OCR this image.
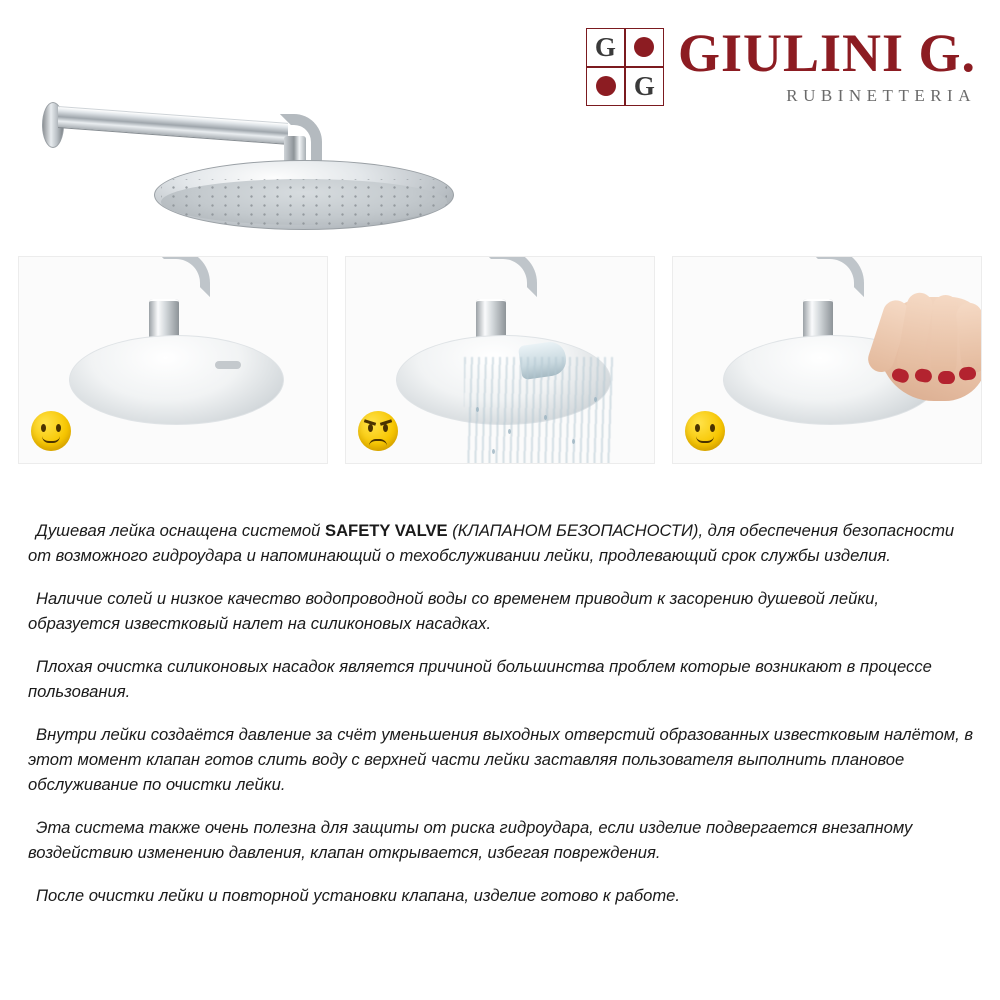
G
G
GIULINI G.
RUBINETTERIA
Душевая лейка оснащена системой SAFETY VALVE (КЛАПАНОМ БЕЗОПАСНОСТИ), для обеспечения безопасности от возможного гидроудара и напоминающий о техобслуживании лейки, продлевающий срок службы изделия.
Наличие солей и низкое качество водопроводной воды со временем приводит к засорению душевой лейки, образуется известковый налет на силиконовых насадках.
Плохая очистка силиконовых насадок является причиной большинства проблем которые возникают в процессе пользования.
Внутри лейки создаётся давление за счёт уменьшения выходных отверстий образованных известковым налётом, в этот момент клапан готов слить воду с верхней части лейки заставляя пользователя выполнить плановое обслуживание по очистки лейки.
Эта система также очень полезна для защиты от риска гидроудара, если изделие подвергается внезапному воздействию изменению давления, клапан открывается, избегая повреждения.
После очистки лейки и повторной установки клапана, изделие готово к работе.
